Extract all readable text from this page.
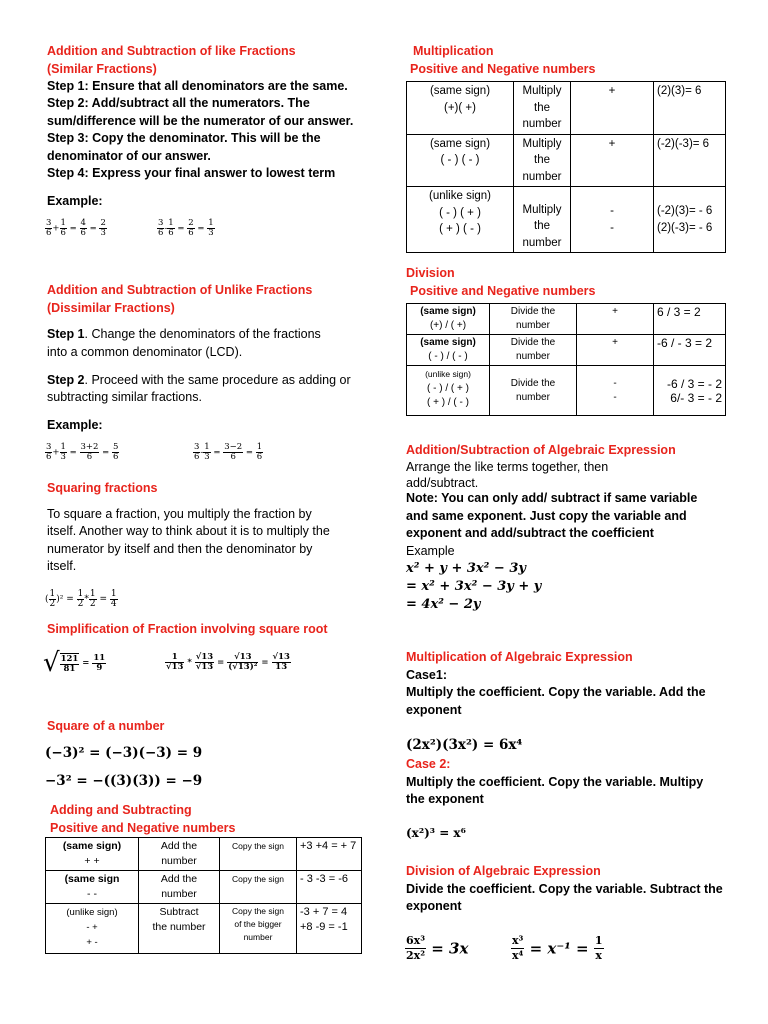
Addition and Subtraction of like Fractions
(Similar Fractions)
Step 1: Ensure that all denominators are the same.
Step 2: Add/subtract all the numerators. The
sum/difference will be the numerator of our answer.
Step 3: Copy the denominator. This will be the
denominator of our answer.
Step 4: Express your final answer to lowest term
Example:
$\frac{3}{6} + \frac{1}{6} = \frac{4}{6} = \frac{2}{3}$	$\frac{3}{6} - \frac{1}{6} = \frac{2}{6} = \frac{1}{3}$
Addition and Subtraction of Unlike Fractions
(Dissimilar Fractions)
Step 1. Change the denominators of the fractions
into a common denominator (LCD).
Step 2. Proceed with the same procedure as adding or
subtracting similar fractions.
Example:
$\frac{3}{6} + \frac{1}{3} = \frac{3+2}{6} = \frac{5}{6}$	$\frac{3}{6} - \frac{1}{3} = \frac{3-2}{6} = \frac{1}{6}$
Squaring fractions
To square a fraction, you multiply the fraction by
itself. Another way to think about it is to multiply the
numerator by itself and then the denominator by
itself.
( $\frac{1}{2} )^2 = \frac{1}{2} * \frac{1}{2} = \frac{1}{4}$
Simplification of Fraction involving square root
√ $\frac{121}{81} = \frac{11}{9}$	$\frac{1}{√13} * \frac{√13}{√13} = \frac{√13}{\text{(√13)²}} = \frac{√13}{13}$
Square of a number
(−3)² = (−3)(−3) = 9
−3² = −((3)(3)) = −9
Adding and Subtracting
Positive and Negative numbers
(same sign)
+ +	Add the
number	Copy the sign	+3 +4 = + 7
(same sign
- -	Add the
number	Copy the sign	- 3 -3 = -6
(unlike sign)
- +
+ -	Subtract
the number	Copy the sign
of the bigger
number	-3 + 7 = 4
+8 -9 = -1
Multiplication
Positive and Negative numbers
(same sign)
(+)( +)	Multiply
the
number	+	(2)(3)= 6
(same sign)
( - ) ( - )	Multiply
the
number	+	(-2)(-3)= 6
(unlike sign)
( - ) ( + )
( + ) ( - )	Multiply
the
number	-
-	(-2)(3)= - 6
(2)(-3)= - 6
Division
Positive and Negative numbers
(same sign)
(+) / ( +)	Divide the
number	+	6 / 3 = 2
(same sign)
( - ) / ( - )	Divide the
number	+	-6 / - 3 = 2
(unlike sign)
( - ) / ( + )
( + ) / ( - )	Divide the
number	-
-	-6 / 3 = - 2
6/- 3 = - 2
Addition/Subtraction of Algebraic Expression
Arrange the like terms together, then
add/subtract.
Note: You can only add/ subtract if same variable
and same exponent. Just copy the variable and
exponent and add/subtract the coefficient
Example
x² + y + 3x² − 3y
= x² + 3x² − 3y + y
= 4x² − 2y
Multiplication of Algebraic Expression
Case1:
Multiply the coefficient. Copy the variable. Add the
exponent
(2x²)(3x²) = 6x⁴
Case 2:
Multiply the coefficient. Copy the variable. Multipy
the exponent
(x²)³ = x⁶
Division of Algebraic Expression
Divide the coefficient. Copy the variable. Subtract the
exponent
$\frac{\text{6x³}}{\text{2x²}} = 3x$	$\frac{\text{x³}}{\text{x⁴}} = x^{-1} = \frac{1}{x}$
